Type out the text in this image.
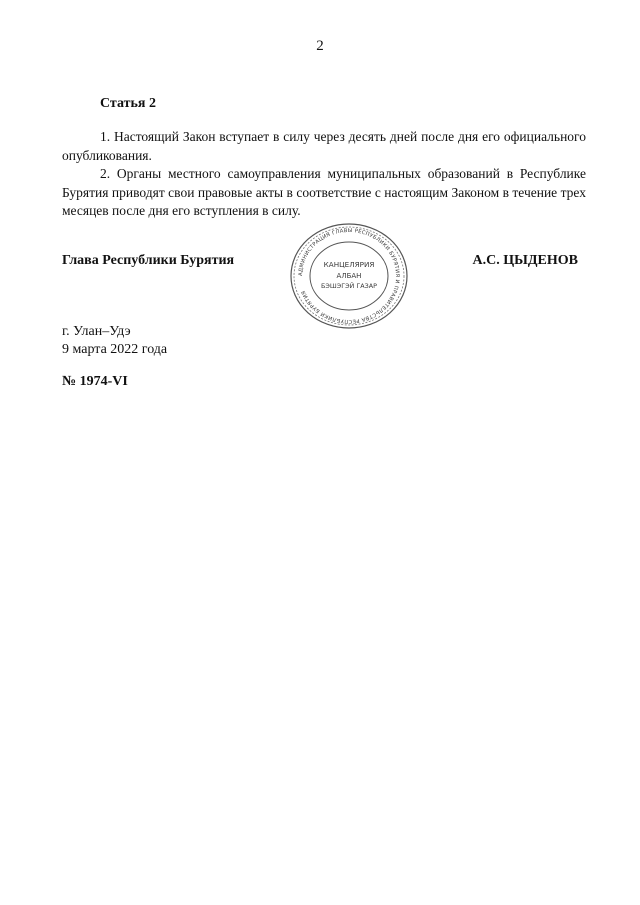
2
Статья 2

1. Настоящий Закон вступает в силу через десять дней после дня его официального опубликования.

2. Органы местного самоуправления муниципальных образований в Республике Бурятия приводят свои правовые акты в соответствие с настоящим Законом в течение трех месяцев после дня его вступления в силу.

Глава Республики Бурятия
АДМИНИСТРАЦИЯ ГЛАВЫ РЕСПУБЛИКИ БУРЯТИЯ И ПРАВИТЕЛЬСТВА РЕСПУБЛИКИ БУРЯТИЯ
КАНЦЕЛЯРИЯ
АЛБАН
БЭШЭГЭЙ ГАЗАР
А.С. ЦЫДЕНОВ
г. Улан–Удэ
9 марта 2022 года
№ 1974-VI
